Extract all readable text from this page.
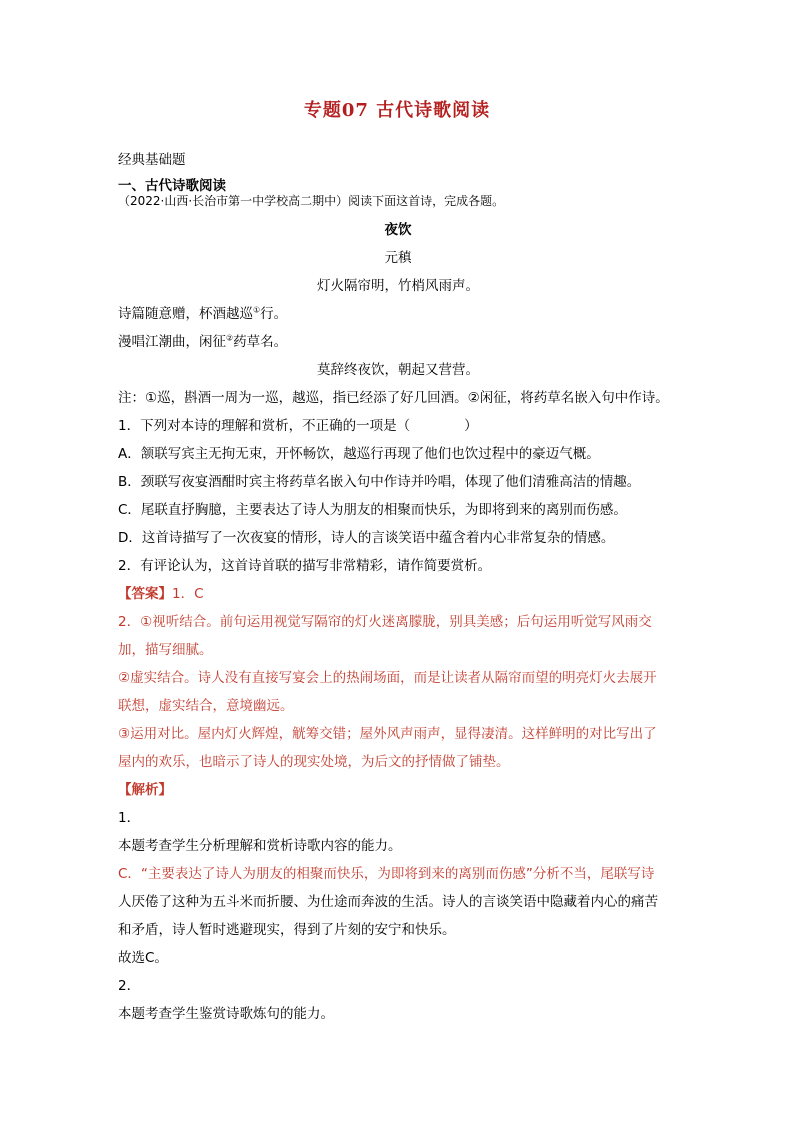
专题07 古代诗歌阅读
经典基础题
一、古代诗歌阅读
（2022·山西·长治市第一中学校高二期中）阅读下面这首诗，完成各题。
夜饮
元稹
灯火隔帘明，竹梢风雨声。
诗篇随意赠，杯酒越巡①行。
漫唱江潮曲，闲征②药草名。
莫辞终夜饮，朝起又营营。
注：①巡，斟酒一周为一巡，越巡，指已经添了好几回酒。②闲征，将药草名嵌入句中作诗。
1．下列对本诗的理解和赏析，不正确的一项是（　　　　）
A．颔联写宾主无拘无束，开怀畅饮，越巡行再现了他们也饮过程中的豪迈气概。
B．颈联写夜宴酒酣时宾主将药草名嵌入句中作诗并吟唱，体现了他们清雅高洁的情趣。
C．尾联直抒胸臆，主要表达了诗人为朋友的相聚而快乐，为即将到来的离别而伤感。
D．这首诗描写了一次夜宴的情形，诗人的言谈笑语中蕴含着内心非常复杂的情感。
2．有评论认为，这首诗首联的描写非常精彩，请作简要赏析。
【答案】1．C
2．①视听结合。前句运用视觉写隔帘的灯火迷离朦胧，别具美感；后句运用听觉写风雨交
加，描写细腻。
②虚实结合。诗人没有直接写宴会上的热闹场面，而是让读者从隔帘而望的明亮灯火去展开
联想，虚实结合，意境幽远。
③运用对比。屋内灯火辉煌，觥筹交错；屋外风声雨声，显得凄清。这样鲜明的对比写出了
屋内的欢乐，也暗示了诗人的现实处境，为后文的抒情做了铺垫。
【解析】
1．
本题考查学生分析理解和赏析诗歌内容的能力。
C．“主要表达了诗人为朋友的相聚而快乐，为即将到来的离别而伤感”分析不当，尾联写诗
人厌倦了这种为五斗米而折腰、为仕途而奔波的生活。诗人的言谈笑语中隐藏着内心的痛苦
和矛盾，诗人暂时逃避现实，得到了片刻的安宁和快乐。
故选C。
2．
本题考查学生鉴赏诗歌炼句的能力。
